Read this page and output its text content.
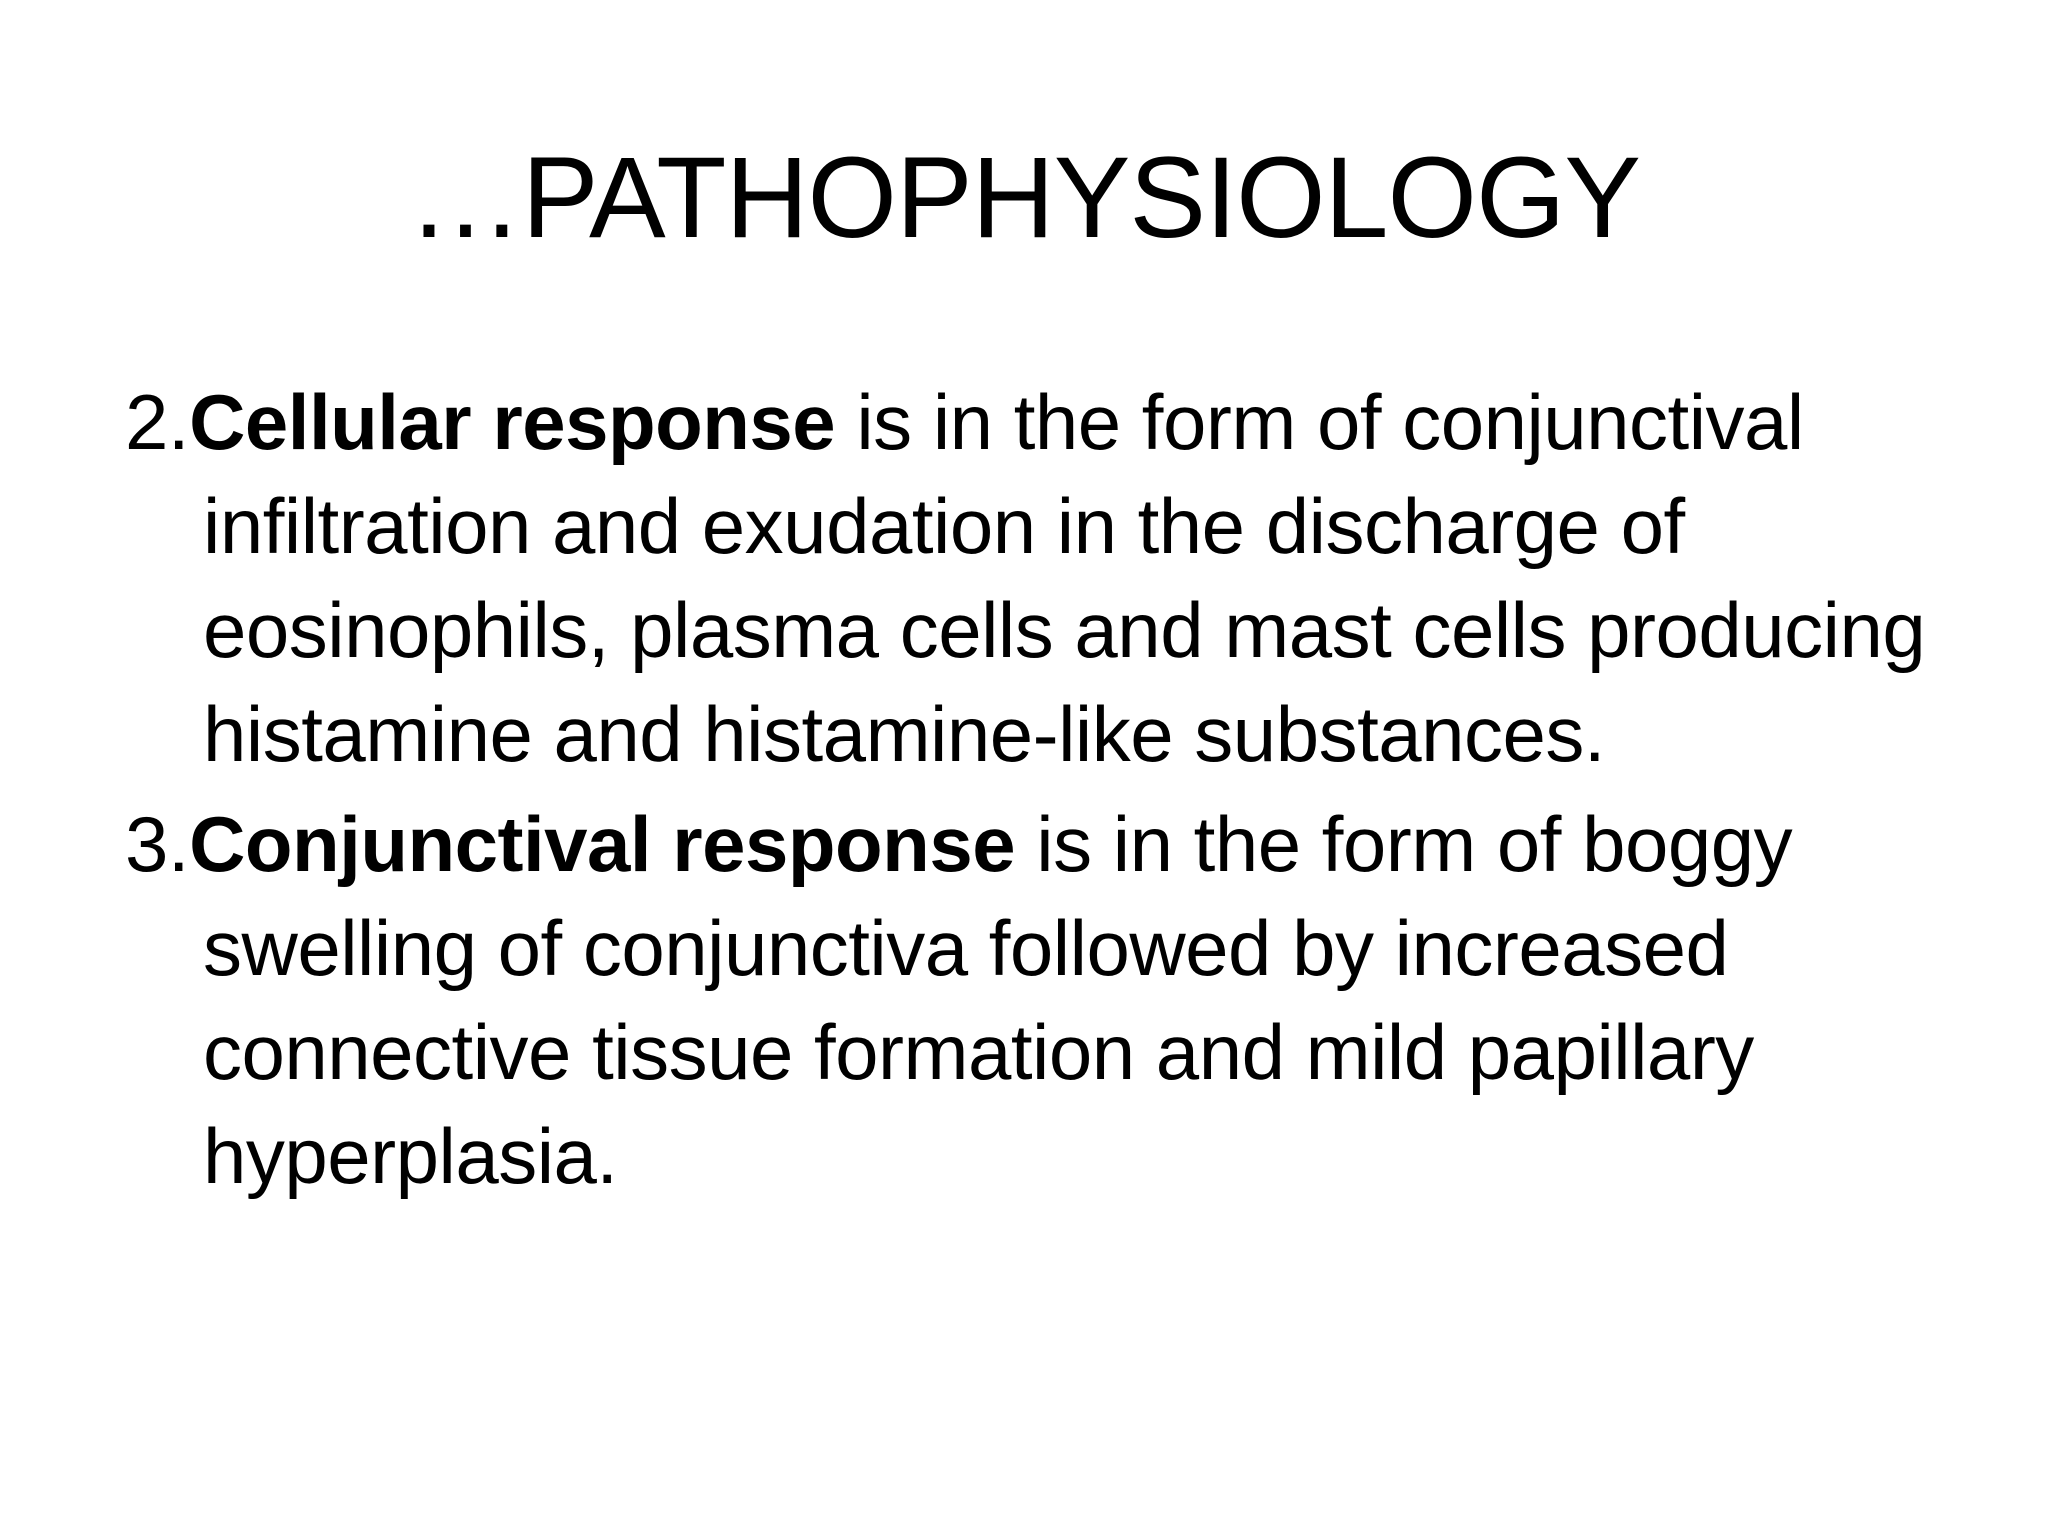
…PATHOPHYSIOLOGY
2.Cellular response is in the form of conjunctival infiltration and exudation in the discharge of eosinophils, plasma cells and mast cells producing histamine and histamine-like substances.
3.Conjunctival response is in the form of boggy swelling of conjunctiva followed by increased connective tissue formation and mild papillary hyperplasia.
